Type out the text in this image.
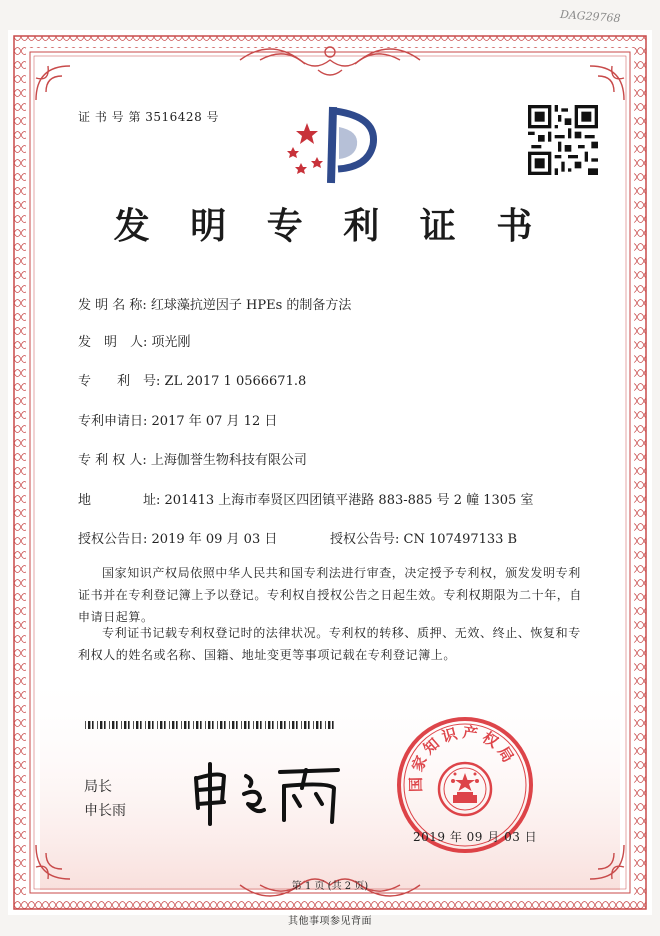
DAG29768
证 书 号 第 3516428 号
发 明 专 利 证 书
发 明 名 称: 红球藻抗逆因子 HPEs 的制备方法
发　明　人: 项光刚
专　　利　号: ZL 2017 1 0566671.8
专利申请日: 2017 年 07 月 12 日
专 利 权 人: 上海伽誉生物科技有限公司
地　　　　址: 201413 上海市奉贤区四团镇平港路 883-885 号 2 幢 1305 室
授权公告日: 2019 年 09 月 03 日	授权公告号: CN 107497133 B
国家知识产权局依照中华人民共和国专利法进行审查，决定授予专利权，颁发发明专利证书并在专利登记簿上予以登记。专利权自授权公告之日起生效。专利权期限为二十年，自申请日起算。
专利证书记载专利权登记时的法律状况。专利权的转移、质押、无效、终止、恢复和专利权人的姓名或名称、国籍、地址变更等事项记载在专利登记簿上。
局长
申长雨
国家知识产权局
2019 年 09 月 03 日
第 1 页 (共 2 页)
其他事项参见背面
